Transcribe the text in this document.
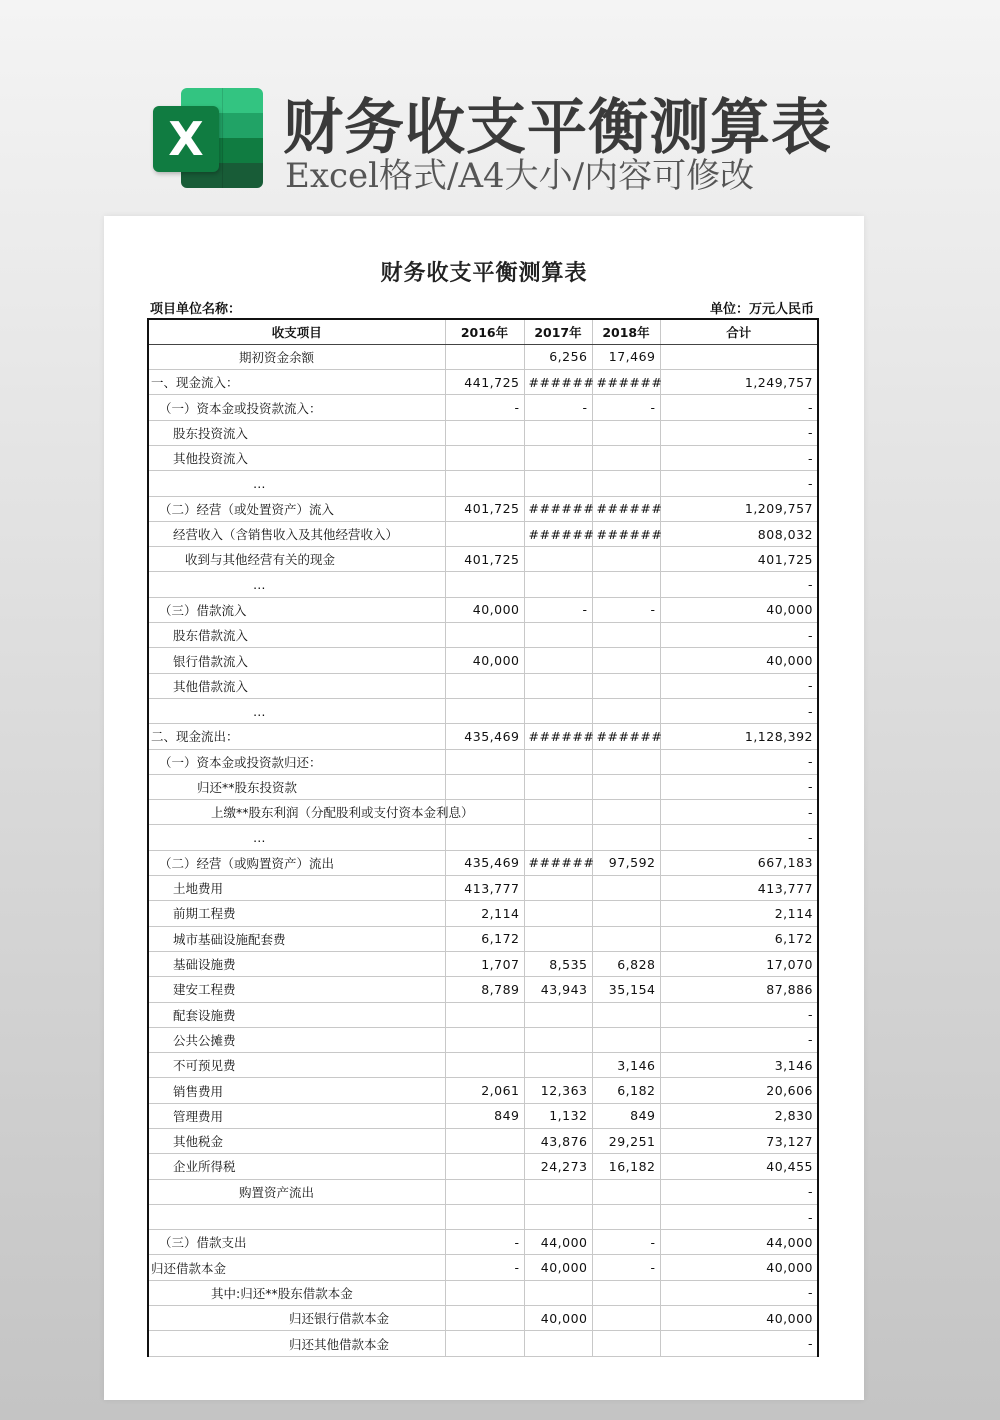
X 财务收支平衡测算表
Excel格式/A4大小/内容可修改
财务收支平衡测算表
项目单位名称：	单位：万元人民币
收支项目	2016年	2017年	2018年	合计
期初资金余额		6,256	17,469	
一、现金流入：	441,725	######	######	1,249,757
（一）资本金或投资款流入：	-	-	-	-
股东投资流入				-
其他投资流入				-
…				-
（二）经营（或处置资产）流入	401,725	######	######	1,209,757
经营收入（含销售收入及其他经营收入）		######	######	808,032
收到与其他经营有关的现金	401,725			401,725
…				-
（三）借款流入	40,000	-	-	40,000
股东借款流入				-
银行借款流入	40,000			40,000
其他借款流入				-
…				-
二、现金流出：	435,469	######	######	1,128,392
（一）资本金或投资款归还：				-
归还**股东投资款				-
上缴**股东利润（分配股利或支付资本金利息）				-
…				-
（二）经营（或购置资产）流出	435,469	######	97,592	667,183
土地费用	413,777			413,777
前期工程费	2,114			2,114
城市基础设施配套费	6,172			6,172
基础设施费	1,707	8,535	6,828	17,070
建安工程费	8,789	43,943	35,154	87,886
配套设施费				-
公共公摊费				-
不可预见费			3,146	3,146
销售费用	2,061	12,363	6,182	20,606
管理费用	849	1,132	849	2,830
其他税金		43,876	29,251	73,127
企业所得税		24,273	16,182	40,455
购置资产流出				-
				-
（三）借款支出	-	44,000	-	44,000
归还借款本金	-	40,000	-	40,000
其中:归还**股东借款本金				-
归还银行借款本金		40,000		40,000
归还其他借款本金				-
